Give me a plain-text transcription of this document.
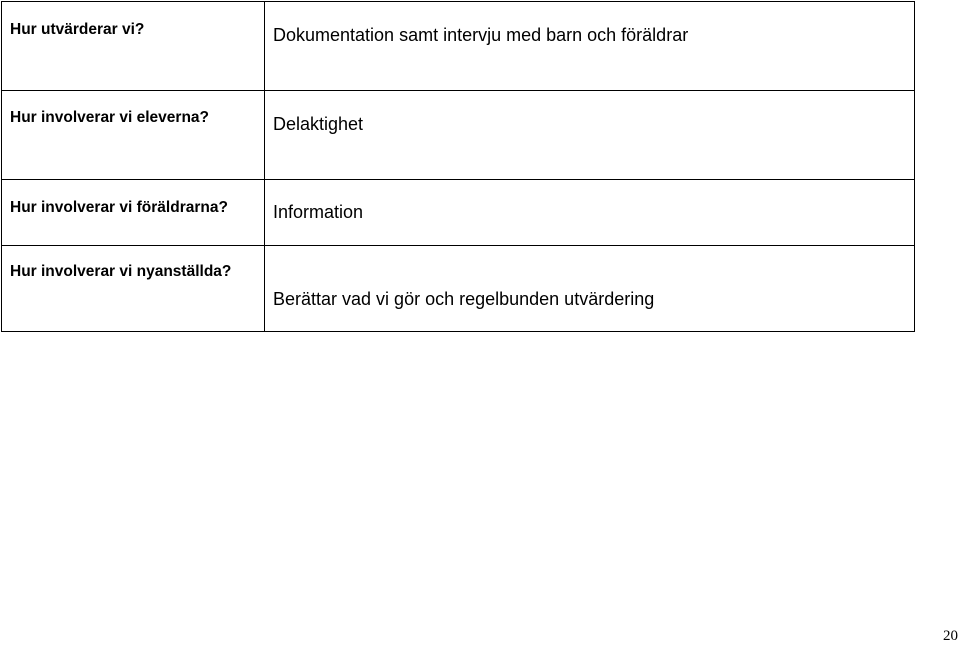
Hur utvärderar vi?	Dokumentation samt intervju med barn och föräldrar

Hur involverar vi eleverna?	Delaktighet

Hur involverar vi föräldrarna?	Information

Hur involverar vi nyanställda?	Berättar vad vi gör och regelbunden utvärdering
20
